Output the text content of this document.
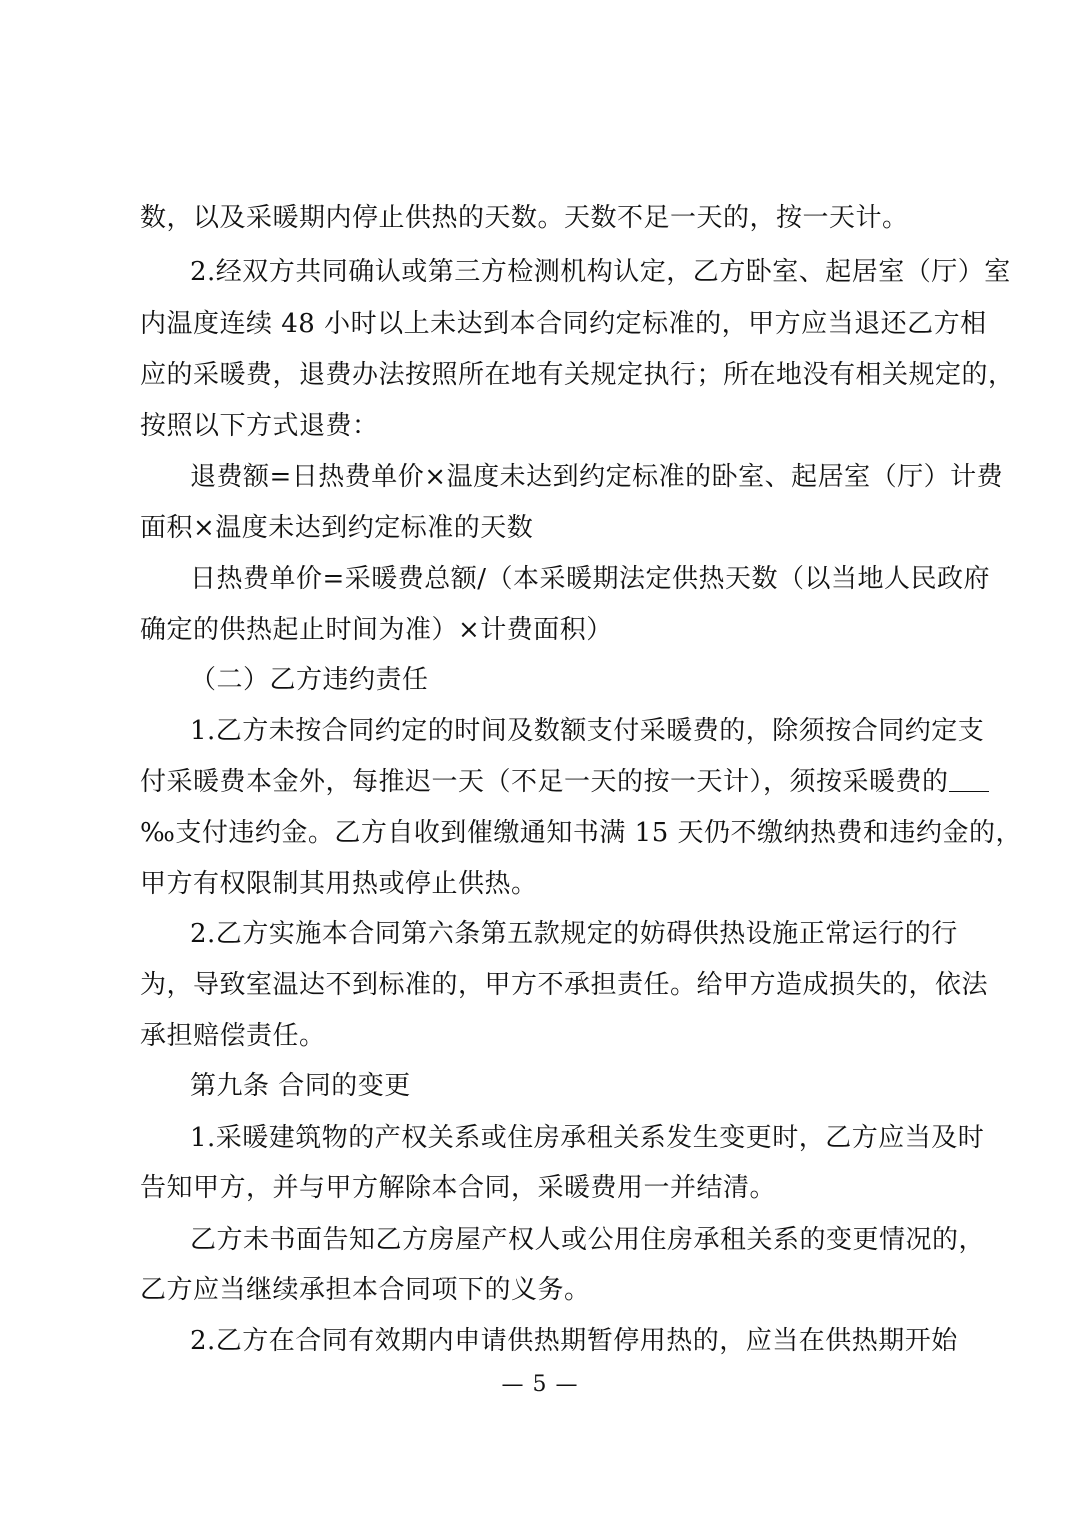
数，以及采暖期内停止供热的天数。天数不足一天的，按一天计。
2.经双方共同确认或第三方检测机构认定，乙方卧室、起居室（厅）室
内温度连续 48 小时以上未达到本合同约定标准的，甲方应当退还乙方相
应的采暖费，退费办法按照所在地有关规定执行；所在地没有相关规定的，
按照以下方式退费：
退费额=日热费单价×温度未达到约定标准的卧室、起居室（厅）计费
面积×温度未达到约定标准的天数
日热费单价=采暖费总额/（本采暖期法定供热天数（以当地人民政府
确定的供热起止时间为准）×计费面积）
（二）乙方违约责任
1.乙方未按合同约定的时间及数额支付采暖费的，除须按合同约定支
付采暖费本金外，每推迟一天（不足一天的按一天计），须按采暖费的
‰支付违约金。乙方自收到催缴通知书满 15 天仍不缴纳热费和违约金的，
甲方有权限制其用热或停止供热。
2.乙方实施本合同第六条第五款规定的妨碍供热设施正常运行的行
为，导致室温达不到标准的，甲方不承担责任。给甲方造成损失的，依法
承担赔偿责任。
第九条 合同的变更
1.采暖建筑物的产权关系或住房承租关系发生变更时，乙方应当及时
告知甲方，并与甲方解除本合同，采暖费用一并结清。
乙方未书面告知乙方房屋产权人或公用住房承租关系的变更情况的，
乙方应当继续承担本合同项下的义务。
2.乙方在合同有效期内申请供热期暂停用热的，应当在供热期开始
— 5 —
